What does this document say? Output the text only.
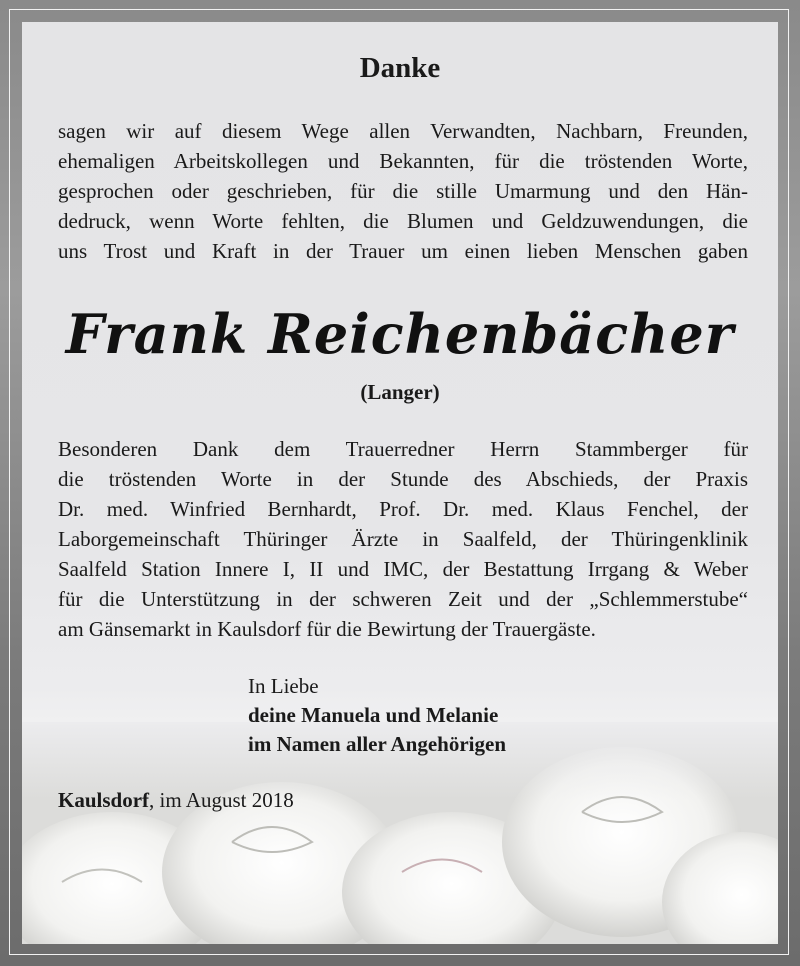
Danke
sagen wir auf diesem Wege allen Verwandten, Nachbarn, Freunden,
ehemaligen Arbeitskollegen und Bekannten, für die tröstenden Worte,
gesprochen oder geschrieben, für die stille Umarmung und den Hän-
dedruck, wenn Worte fehlten, die Blumen und Geldzuwendungen, die
uns Trost und Kraft in der Trauer um einen lieben Menschen gaben
Frank Reichenbächer
(Langer)
Besonderen Dank dem Trauerredner Herrn Stammberger für
die tröstenden Worte in der Stunde des Abschieds, der Praxis
Dr. med. Winfried Bernhardt, Prof. Dr. med. Klaus Fenchel, der
Laborgemeinschaft Thüringer Ärzte in Saalfeld, der Thüringenklinik
Saalfeld Station Innere I, II und IMC, der Bestattung Irrgang & Weber
für die Unterstützung in der schweren Zeit und der „Schlemmerstube“
am Gänsemarkt in Kaulsdorf für die Bewirtung der Trauergäste.
In Liebe
deine Manuela und Melanie
im Namen aller Angehörigen
Kaulsdorf, im August 2018
